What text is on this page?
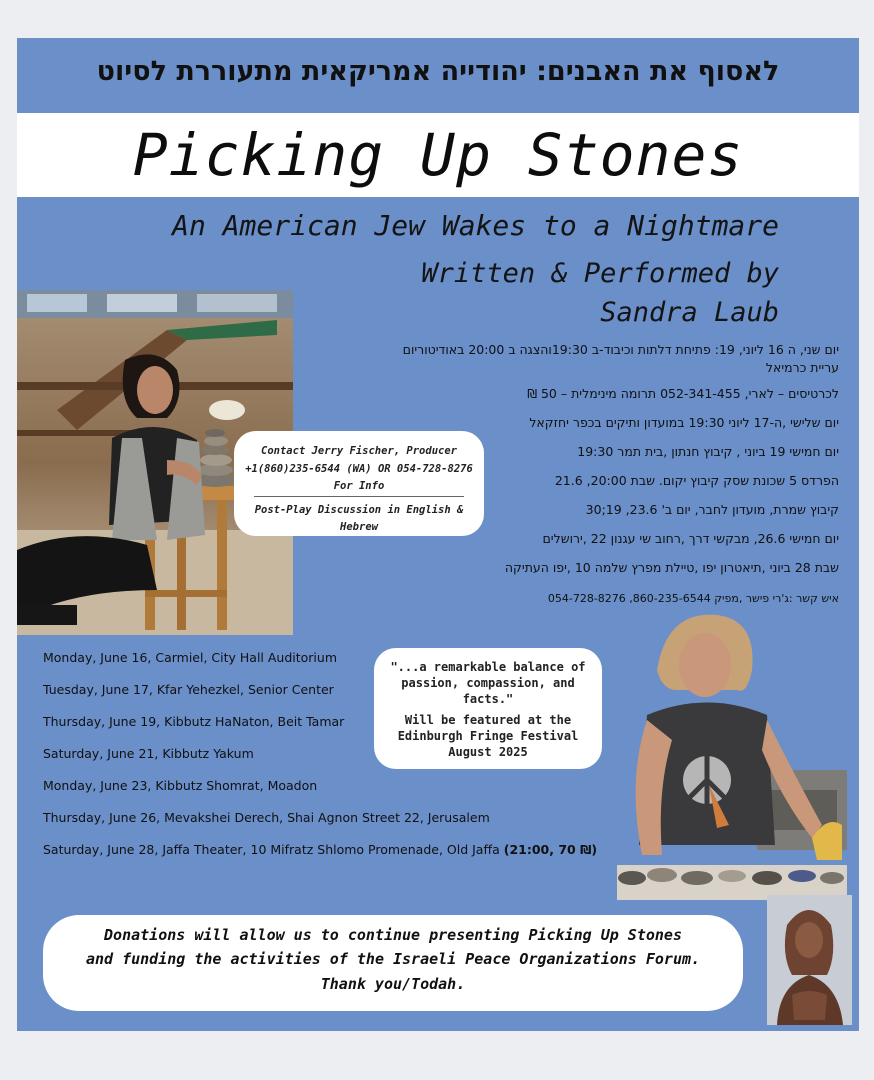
לאסוף את האבנים: יהודייה אמריקאית מתעוררת לסיוט
Picking Up Stones
An American Jew Wakes to a Nightmare
Written & Performed by
Sandra Laub
Contact Jerry Fischer, Producer
+1(860)235-6544 (WA) OR 054-728-8276
For Info
Post-Play Discussion in English & Hebrew
יום שני, ה 16 ליוני, 19: פתיחת דלתות וכיבוד-ב 19:30והצגה ב 20:00 באודיטוריום
עריית כרמיאל
לכרטיסים – לארי, 052-341-455 תרומה מינימלית – 50 ₪
יום שלישי ,ה-17 ליוני 19:30 במועדון ותיקים בכפר יחזקאל
יום חמישי 19 ביוני , קיבוץ חנתון ,בית תמר 19:30
הפרדס 5 שכונת שסק קיבוץ יקום. שבת 20:00, 21.6
קיבוץ שמרת, מועדון לחבר, יום ב' 23.6, 19;30
יום חמישי 26.6, מבקשי דרך ,רחוב שי עגנון 22 ,ירושלים
שבת 28 ביוני ,תיאטרון יפו ,טיילת מפרץ שלמה 10 ,יפו העתיקה
איש קשר :ג'רי פישר ,מפיק 860-235-6544, 054-728-8276
Monday, June 16, Carmiel, City Hall Auditorium
Tuesday, June 17, Kfar Yehezkel, Senior Center
Thursday, June 19, Kibbutz HaNaton, Beit Tamar
Saturday, June 21, Kibbutz Yakum
Monday, June 23, Kibbutz Shomrat, Moadon
Thursday, June 26, Mevakshei Derech, Shai Agnon Street 22, Jerusalem
Saturday, June 28, Jaffa Theater, 10 Mifratz Shlomo Promenade, Old Jaffa (21:00, 70 ₪)
"...a remarkable balance of
passion, compassion, and
facts."
Will be featured at the
Edinburgh Fringe Festival
August 2025
Donations will allow us to continue presenting Picking Up Stones
and funding the activities of the Israeli Peace Organizations Forum.
Thank you/Todah.
